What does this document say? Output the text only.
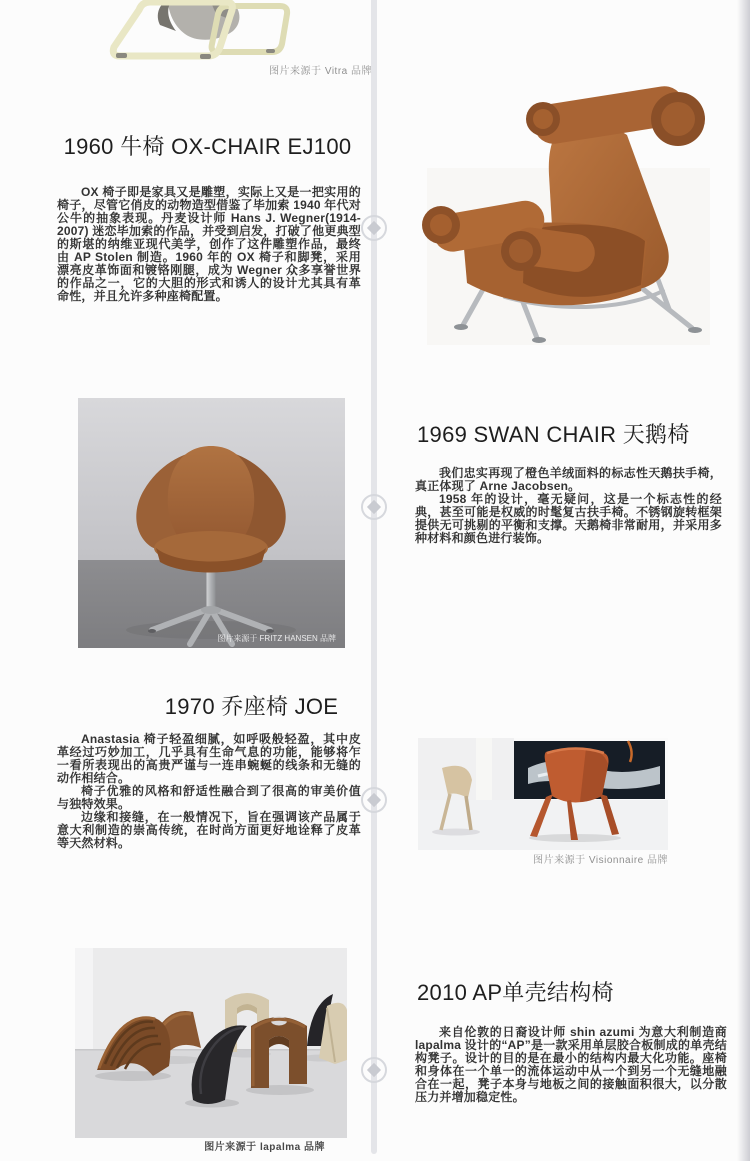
图片来源于 Vitra 品牌
1960 牛椅 OX-CHAIR EJ100

OX 椅子即是家具又是雕塑，实际上又是一把实用的椅子，尽管它俏皮的动物造型借鉴了毕加索 1940 年代对公牛的抽象表现。丹麦设计师 Hans J. Wegner(1914-2007) 迷恋毕加索的作品，并受到启发，打破了他更典型的斯堪的纳维亚现代美学，创作了这件雕塑作品，最终由 AP Stolen 制造。1960 年的 OX 椅子和脚凳，采用漂亮皮革饰面和镀铬刚腿，成为 Wegner 众多享誉世界的作品之一，它的大胆的形式和诱人的设计尤其具有革命性，并且允许多种座椅配置。

图片来源于 FRITZ HANSEN 品牌
1969 SWAN CHAIR 天鹅椅

我们忠实再现了橙色羊绒面料的标志性天鹅扶手椅，真正体现了 Arne Jacobsen。

1958 年的设计，毫无疑问，这是一个标志性的经典，甚至可能是权威的时髦复古扶手椅。不锈钢旋转框架提供无可挑剔的平衡和支撑。天鹅椅非常耐用，并采用多种材料和颜色进行装饰。

1970 乔座椅 JOE

Anastasia 椅子轻盈细腻，如呼吸般轻盈，其中皮革经过巧妙加工，几乎具有生命气息的功能，能够将乍一看所表现出的高贵严谨与一连串蜿蜒的线条和无缝的动作相结合。

椅子优雅的风格和舒适性融合到了很高的审美价值与独特效果。

边缘和接缝，在一般情况下，旨在强调该产品属于意大利制造的崇高传统，在时尚方面更好地诠释了皮革等天然材料。

图片来源于 Visionnaire 品牌
2010 AP单壳结构椅

来自伦敦的日裔设计师 shin azumi 为意大利制造商 lapalma 设计的“AP”是一款采用单层胶合板制成的单壳结构凳子。设计的目的是在最小的结构内最大化功能。座椅和身体在一个单一的流体运动中从一个到另一个无缝地融合在一起，凳子本身与地板之间的接触面积很大，以分散压力并增加稳定性。

图片来源于 lapalma 品牌
